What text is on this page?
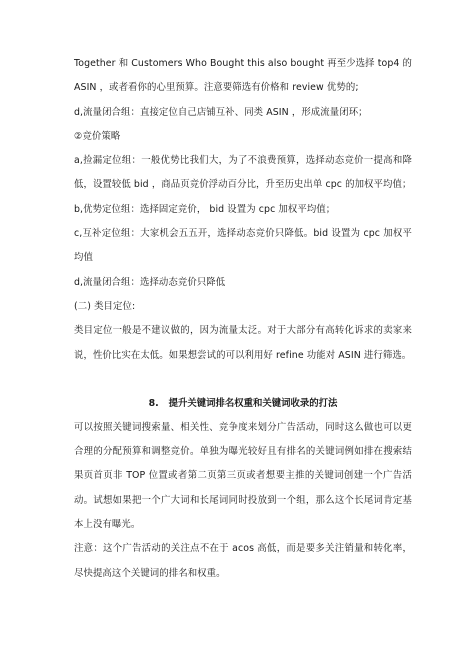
Together 和 Customers Who Bought this also bought 再至少选择 top4 的 ASIN ，或者看你的心里预算。注意要筛选有价格和 review 优势的;

d,流量闭合组：直接定位自己店铺互补、同类 ASIN ，形成流量闭环；

②竞价策略

a,捡漏定位组：一般优势比我们大，为了不浪费预算，选择动态竞价一提高和降低，设置较低 bid ，商品页竞价浮动百分比，升至历史出单 cpc 的加权平均值；

b,优势定位组：选择固定竞价， bid 设置为 cpc 加权平均值；

c,互补定位组：大家机会五五开，选择动态竞价只降低。bid 设置为 cpc 加权平均值

d,流量闭合组：选择动态竞价只降低

(二) 类目定位:

类目定位一般是不建议做的，因为流量太泛。对于大部分有高转化诉求的卖家来说，性价比实在太低。如果想尝试的可以利用好 refine 功能对 ASIN 进行筛选。

8. 提升关键词排名权重和关键词收录的打法

可以按照关键词搜索量、相关性、竞争度来划分广告活动，同时这么做也可以更合理的分配预算和调整竞价。单独为曝光较好且有排名的关键词例如排在搜索结果页首页非 TOP 位置或者第二页第三页或者想要主推的关键词创建一个广告活动。试想如果把一个广大词和长尾词同时投放到一个组，那么这个长尾词肯定基本上没有曝光。

注意：这个广告活动的关注点不在于 acos 高低，而是要多关注销量和转化率，尽快提高这个关键词的排名和权重。
